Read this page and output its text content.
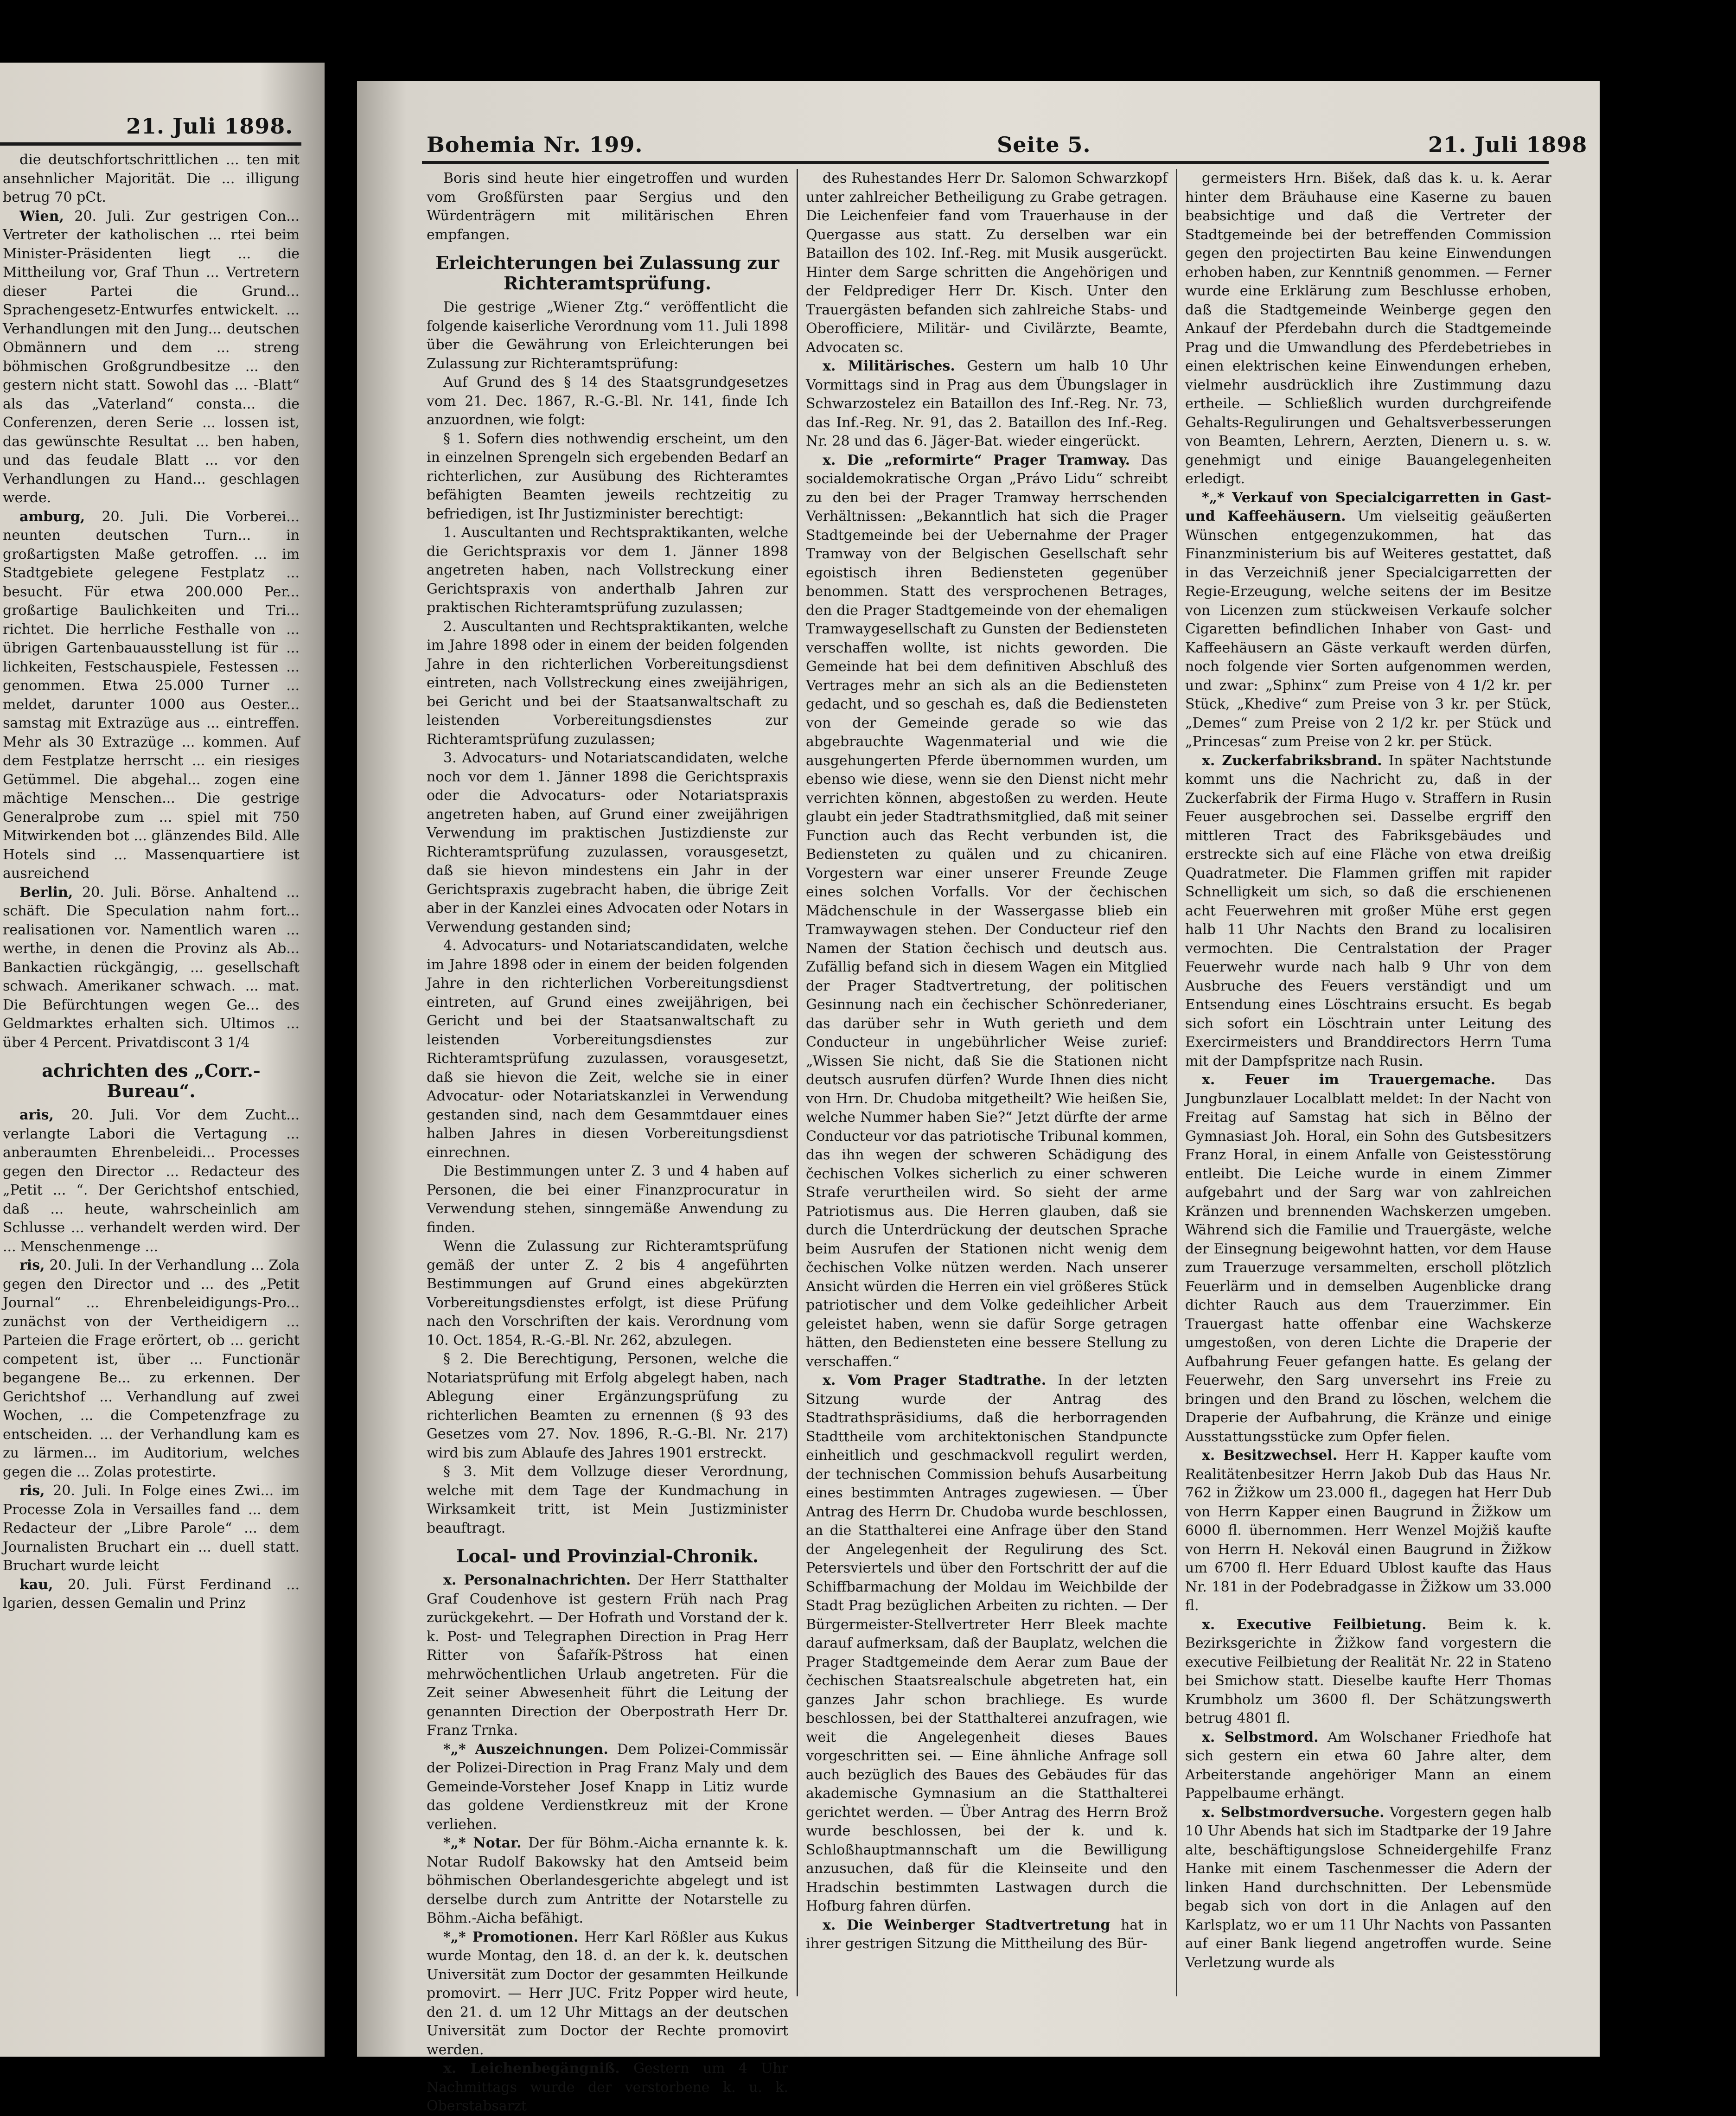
21. Juli 1898.

die deutschfortschrittlichen ... ten mit ansehnlicher Majorität. Die ... illigung betrug 70 pCt.

Wien, 20. Juli. Zur gestrigen Con... Vertreter der katholischen ... rtei beim Minister-Präsidenten liegt ... die Mittheilung vor, Graf Thun ... Vertretern dieser Partei die Grund... Sprachengesetz-Entwurfes entwickelt. ... Verhandlungen mit den Jung... deutschen Obmännern und dem ... streng böhmischen Großgrundbesitze ... den gestern nicht statt. Sowohl das ... -Blatt“ als das „Vaterland“ consta... die Conferenzen, deren Serie ... lossen ist, das gewünschte Resultat ... ben haben, und das feudale Blatt ... vor den Verhandlungen zu Hand... geschlagen werde.

amburg, 20. Juli. Die Vorberei... neunten deutschen Turn... in großartigsten Maße getroffen. ... im Stadtgebiete gelegene Festplatz ... besucht. Für etwa 200.000 Per... großartige Baulichkeiten und Tri... richtet. Die herrliche Festhalle von ... übrigen Gartenbauausstellung ist für ... lichkeiten, Festschauspiele, Festessen ... genommen. Etwa 25.000 Turner ... meldet, darunter 1000 aus Oester... samstag mit Extrazüge aus ... eintreffen. Mehr als 30 Extrazüge ... kommen. Auf dem Festplatze herrscht ... ein riesiges Getümmel. Die abgehal... zogen eine mächtige Menschen... Die gestrige Generalprobe zum ... spiel mit 750 Mitwirkenden bot ... glänzendes Bild. Alle Hotels sind ... Massenquartiere ist ausreichend

Berlin, 20. Juli. Börse. Anhaltend ... schäft. Die Speculation nahm fort... realisationen vor. Namentlich waren ... werthe, in denen die Provinz als Ab... Bankactien rückgängig, ... gesellschaft schwach. Amerikaner schwach. ... mat. Die Befürchtungen wegen Ge... des Geldmarktes erhalten sich. Ultimos ... über 4 Percent. Privatdiscont 3 1/4

achrichten des „Corr.-Bureau“.

aris, 20. Juli. Vor dem Zucht... verlangte Labori die Vertagung ... anberaumten Ehrenbeleidi... Processes gegen den Director ... Redacteur des „Petit ... “. Der Gerichtshof entschied, daß ... heute, wahrscheinlich am Schlusse ... verhandelt werden wird. Der ... Menschenmenge ...

ris, 20. Juli. In der Verhandlung ... Zola gegen den Director und ... des „Petit Journal“ ... Ehrenbeleidigungs-Pro... zunächst von der Vertheidigern ... Parteien die Frage erörtert, ob ... gericht competent ist, über ... Functionär begangene Be... zu erkennen. Der Gerichtshof ... Verhandlung auf zwei Wochen, ... die Competenzfrage zu entscheiden. ... der Verhandlung kam es zu lärmen... im Auditorium, welches gegen die ... Zolas protestirte.

ris, 20. Juli. In Folge eines Zwi... im Processe Zola in Versailles fand ... dem Redacteur der „Libre Parole“ ... dem Journalisten Bruchart ein ... duell statt. Bruchart wurde leicht

kau, 20. Juli. Fürst Ferdinand ... lgarien, dessen Gemalin und Prinz

Bohemia Nr. 199.	Seite 5.	21. Juli 1898

Boris sind heute hier eingetroffen und wurden vom Großfürsten paar Sergius und den Würdenträgern mit militärischen Ehren empfangen.

Erleichterungen bei Zulassung zur Richteramtsprüfung.

Die gestrige „Wiener Ztg.“ veröffentlicht die folgende kaiserliche Verordnung vom 11. Juli 1898 über die Gewährung von Erleichterungen bei Zulassung zur Richteramtsprüfung:

Auf Grund des § 14 des Staatsgrundgesetzes vom 21. Dec. 1867, R.-G.-Bl. Nr. 141, finde Ich anzuordnen, wie folgt:

§ 1. Sofern dies nothwendig erscheint, um den in einzelnen Sprengeln sich ergebenden Bedarf an richterlichen, zur Ausübung des Richteramtes befähigten Beamten jeweils rechtzeitig zu befriedigen, ist Ihr Justizminister berechtigt:

1. Auscultanten und Rechtspraktikanten, welche die Gerichtspraxis vor dem 1. Jänner 1898 angetreten haben, nach Vollstreckung einer Gerichtspraxis von anderthalb Jahren zur praktischen Richteramtsprüfung zuzulassen;

2. Auscultanten und Rechtspraktikanten, welche im Jahre 1898 oder in einem der beiden folgenden Jahre in den richterlichen Vorbereitungsdienst eintreten, nach Vollstreckung eines zweijährigen, bei Gericht und bei der Staatsanwaltschaft zu leistenden Vorbereitungsdienstes zur Richteramtsprüfung zuzulassen;

3. Advocaturs- und Notariatscandidaten, welche noch vor dem 1. Jänner 1898 die Gerichtspraxis oder die Advocaturs- oder Notariatspraxis angetreten haben, auf Grund einer zweijährigen Verwendung im praktischen Justizdienste zur Richteramtsprüfung zuzulassen, vorausgesetzt, daß sie hievon mindestens ein Jahr in der Gerichtspraxis zugebracht haben, die übrige Zeit aber in der Kanzlei eines Advocaten oder Notars in Verwendung gestanden sind;

4. Advocaturs- und Notariatscandidaten, welche im Jahre 1898 oder in einem der beiden folgenden Jahre in den richterlichen Vorbereitungsdienst eintreten, auf Grund eines zweijährigen, bei Gericht und bei der Staatsanwaltschaft zu leistenden Vorbereitungsdienstes zur Richteramtsprüfung zuzulassen, vorausgesetzt, daß sie hievon die Zeit, welche sie in einer Advocatur- oder Notariatskanzlei in Verwendung gestanden sind, nach dem Gesammtdauer eines halben Jahres in diesen Vorbereitungsdienst einrechnen.

Die Bestimmungen unter Z. 3 und 4 haben auf Personen, die bei einer Finanzprocuratur in Verwendung stehen, sinngemäße Anwendung zu finden.

Wenn die Zulassung zur Richteramtsprüfung gemäß der unter Z. 2 bis 4 angeführten Bestimmungen auf Grund eines abgekürzten Vorbereitungsdienstes erfolgt, ist diese Prüfung nach den Vorschriften der kais. Verordnung vom 10. Oct. 1854, R.-G.-Bl. Nr. 262, abzulegen.

§ 2. Die Berechtigung, Personen, welche die Notariatsprüfung mit Erfolg abgelegt haben, nach Ablegung einer Ergänzungsprüfung zu richterlichen Beamten zu ernennen (§ 93 des Gesetzes vom 27. Nov. 1896, R.-G.-Bl. Nr. 217) wird bis zum Ablaufe des Jahres 1901 erstreckt.

§ 3. Mit dem Vollzuge dieser Verordnung, welche mit dem Tage der Kundmachung in Wirksamkeit tritt, ist Mein Justizminister beauftragt.

Local- und Provinzial-Chronik.

x. Personalnachrichten. Der Herr Statthalter Graf Coudenhove ist gestern Früh nach Prag zurückgekehrt. — Der Hofrath und Vorstand der k. k. Post- und Telegraphen Direction in Prag Herr Ritter von Šafařík-Pštross hat einen mehrwöchentlichen Urlaub angetreten. Für die Zeit seiner Abwesenheit führt die Leitung der genannten Direction der Oberpostrath Herr Dr. Franz Trnka.

*„* Auszeichnungen. Dem Polizei-Commissär der Polizei-Direction in Prag Franz Maly und dem Gemeinde-Vorsteher Josef Knapp in Litiz wurde das goldene Verdienstkreuz mit der Krone verliehen.

*„* Notar. Der für Böhm.-Aicha ernannte k. k. Notar Rudolf Bakowsky hat den Amtseid beim böhmischen Oberlandesgerichte abgelegt und ist derselbe durch zum Antritte der Notarstelle zu Böhm.-Aicha befähigt.

*„* Promotionen. Herr Karl Rößler aus Kukus wurde Montag, den 18. d. an der k. k. deutschen Universität zum Doctor der gesammten Heilkunde promovirt. — Herr JUC. Fritz Popper wird heute, den 21. d. um 12 Uhr Mittags an der deutschen Universität zum Doctor der Rechte promovirt werden.

x. Leichenbegängniß. Gestern um 4 Uhr Nachmittags wurde der verstorbene k. u. k. Oberstabsarzt

des Ruhestandes Herr Dr. Salomon Schwarzkopf unter zahlreicher Betheiligung zu Grabe getragen. Die Leichenfeier fand vom Trauerhause in der Quergasse aus statt. Zu derselben war ein Bataillon des 102. Inf.-Reg. mit Musik ausgerückt. Hinter dem Sarge schritten die Angehörigen und der Feldprediger Herr Dr. Kisch. Unter den Trauergästen befanden sich zahlreiche Stabs- und Oberofficiere, Militär- und Civilärzte, Beamte, Advocaten sc.

x. Militärisches. Gestern um halb 10 Uhr Vormittags sind in Prag aus dem Übungslager in Schwarzostelez ein Bataillon des Inf.-Reg. Nr. 73, das Inf.-Reg. Nr. 91, das 2. Bataillon des Inf.-Reg. Nr. 28 und das 6. Jäger-Bat. wieder eingerückt.

x. Die „reformirte“ Prager Tramway. Das socialdemokratische Organ „Právo Lidu“ schreibt zu den bei der Prager Tramway herrschenden Verhältnissen: „Bekanntlich hat sich die Prager Stadtgemeinde bei der Uebernahme der Prager Tramway von der Belgischen Gesellschaft sehr egoistisch ihren Bediensteten gegenüber benommen. Statt des versprochenen Betrages, den die Prager Stadtgemeinde von der ehemaligen Tramwaygesellschaft zu Gunsten der Bediensteten verschaffen wollte, ist nichts geworden. Die Gemeinde hat bei dem definitiven Abschluß des Vertrages mehr an sich als an die Bediensteten gedacht, und so geschah es, daß die Bediensteten von der Gemeinde gerade so wie das abgebrauchte Wagenmaterial und wie die ausgehungerten Pferde übernommen wurden, um ebenso wie diese, wenn sie den Dienst nicht mehr verrichten können, abgestoßen zu werden. Heute glaubt ein jeder Stadtrathsmitglied, daß mit seiner Function auch das Recht verbunden ist, die Bediensteten zu quälen und zu chicaniren. Vorgestern war einer unserer Freunde Zeuge eines solchen Vorfalls. Vor der čechischen Mädchenschule in der Wassergasse blieb ein Tramwaywagen stehen. Der Conducteur rief den Namen der Station čechisch und deutsch aus. Zufällig befand sich in diesem Wagen ein Mitglied der Prager Stadtvertretung, der politischen Gesinnung nach ein čechischer Schönrederianer, das darüber sehr in Wuth gerieth und dem Conducteur in ungebührlicher Weise zurief: „Wissen Sie nicht, daß Sie die Stationen nicht deutsch ausrufen dürfen? Wurde Ihnen dies nicht von Hrn. Dr. Chudoba mitgetheilt? Wie heißen Sie, welche Nummer haben Sie?“ Jetzt dürfte der arme Conducteur vor das patriotische Tribunal kommen, das ihn wegen der schweren Schädigung des čechischen Volkes sicherlich zu einer schweren Strafe verurtheilen wird. So sieht der arme Patriotismus aus. Die Herren glauben, daß sie durch die Unterdrückung der deutschen Sprache beim Ausrufen der Stationen nicht wenig dem čechischen Volke nützen werden. Nach unserer Ansicht würden die Herren ein viel größeres Stück patriotischer und dem Volke gedeihlicher Arbeit geleistet haben, wenn sie dafür Sorge getragen hätten, den Bediensteten eine bessere Stellung zu verschaffen.“

x. Vom Prager Stadtrathe. In der letzten Sitzung wurde der Antrag des Stadtrathspräsidiums, daß die herborragenden Stadttheile vom architektonischen Standpuncte einheitlich und geschmackvoll regulirt werden, der technischen Commission behufs Ausarbeitung eines bestimmten Antrages zugewiesen. — Über Antrag des Herrn Dr. Chudoba wurde beschlossen, an die Statthalterei eine Anfrage über den Stand der Angelegenheit der Regulirung des Sct. Petersviertels und über den Fortschritt der auf die Schiffbarmachung der Moldau im Weichbilde der Stadt Prag bezüglichen Arbeiten zu richten. — Der Bürgermeister-Stellvertreter Herr Bleek machte darauf aufmerksam, daß der Bauplatz, welchen die Prager Stadtgemeinde dem Aerar zum Baue der čechischen Staatsrealschule abgetreten hat, ein ganzes Jahr schon brachliege. Es wurde beschlossen, bei der Statthalterei anzufragen, wie weit die Angelegenheit dieses Baues vorgeschritten sei. — Eine ähnliche Anfrage soll auch bezüglich des Baues des Gebäudes für das akademische Gymnasium an die Statthalterei gerichtet werden. — Über Antrag des Herrn Brož wurde beschlossen, bei der k. und k. Schloßhauptmannschaft um die Bewilligung anzusuchen, daß für die Kleinseite und den Hradschin bestimmten Lastwagen durch die Hofburg fahren dürfen.

x. Die Weinberger Stadtvertretung hat in ihrer gestrigen Sitzung die Mittheilung des Bür-

germeisters Hrn. Bišek, daß das k. u. k. Aerar hinter dem Bräuhause eine Kaserne zu bauen beabsichtige und daß die Vertreter der Stadtgemeinde bei der betreffenden Commission gegen den projectirten Bau keine Einwendungen erhoben haben, zur Kenntniß genommen. — Ferner wurde eine Erklärung zum Beschlusse erhoben, daß die Stadtgemeinde Weinberge gegen den Ankauf der Pferdebahn durch die Stadtgemeinde Prag und die Umwandlung des Pferdebetriebes in einen elektrischen keine Einwendungen erheben, vielmehr ausdrücklich ihre Zustimmung dazu ertheile. — Schließlich wurden durchgreifende Gehalts-Regulirungen und Gehaltsverbesserungen von Beamten, Lehrern, Aerzten, Dienern u. s. w. genehmigt und einige Bauangelegenheiten erledigt.

*„* Verkauf von Specialcigarretten in Gast- und Kaffeehäusern. Um vielseitig geäußerten Wünschen entgegenzukommen, hat das Finanzministerium bis auf Weiteres gestattet, daß in das Verzeichniß jener Specialcigarretten der Regie-Erzeugung, welche seitens der im Besitze von Licenzen zum stückweisen Verkaufe solcher Cigaretten befindlichen Inhaber von Gast- und Kaffeehäusern an Gäste verkauft werden dürfen, noch folgende vier Sorten aufgenommen werden, und zwar: „Sphinx“ zum Preise von 4 1/2 kr. per Stück, „Khedive“ zum Preise von 3 kr. per Stück, „Demes“ zum Preise von 2 1/2 kr. per Stück und „Princesas“ zum Preise von 2 kr. per Stück.

x. Zuckerfabriksbrand. In später Nachtstunde kommt uns die Nachricht zu, daß in der Zuckerfabrik der Firma Hugo v. Straffern in Rusin Feuer ausgebrochen sei. Dasselbe ergriff den mittleren Tract des Fabriksgebäudes und erstreckte sich auf eine Fläche von etwa dreißig Quadratmeter. Die Flammen griffen mit rapider Schnelligkeit um sich, so daß die erschienenen acht Feuerwehren mit großer Mühe erst gegen halb 11 Uhr Nachts den Brand zu localisiren vermochten. Die Centralstation der Prager Feuerwehr wurde nach halb 9 Uhr von dem Ausbruche des Feuers verständigt und um Entsendung eines Löschtrains ersucht. Es begab sich sofort ein Löschtrain unter Leitung des Exercirmeisters und Branddirectors Herrn Tuma mit der Dampfspritze nach Rusin.

x. Feuer im Trauergemache. Das Jungbunzlauer Localblatt meldet: In der Nacht von Freitag auf Samstag hat sich in Bělno der Gymnasiast Joh. Horal, ein Sohn des Gutsbesitzers Franz Horal, in einem Anfalle von Geistesstörung entleibt. Die Leiche wurde in einem Zimmer aufgebahrt und der Sarg war von zahlreichen Kränzen und brennenden Wachskerzen umgeben. Während sich die Familie und Trauergäste, welche der Einsegnung beigewohnt hatten, vor dem Hause zum Trauerzuge versammelten, erscholl plötzlich Feuerlärm und in demselben Augenblicke drang dichter Rauch aus dem Trauerzimmer. Ein Trauergast hatte offenbar eine Wachskerze umgestoßen, von deren Lichte die Draperie der Aufbahrung Feuer gefangen hatte. Es gelang der Feuerwehr, den Sarg unversehrt ins Freie zu bringen und den Brand zu löschen, welchem die Draperie der Aufbahrung, die Kränze und einige Ausstattungsstücke zum Opfer fielen.

x. Besitzwechsel. Herr H. Kapper kaufte vom Realitätenbesitzer Herrn Jakob Dub das Haus Nr. 762 in Žižkow um 23.000 fl., dagegen hat Herr Dub von Herrn Kapper einen Baugrund in Žižkow um 6000 fl. übernommen. Herr Wenzel Mojžiš kaufte von Herrn H. Nekovál einen Baugrund in Žižkow um 6700 fl. Herr Eduard Ublost kaufte das Haus Nr. 181 in der Podebradgasse in Žižkow um 33.000 fl.

x. Executive Feilbietung. Beim k. k. Bezirksgerichte in Žižkow fand vorgestern die executive Feilbietung der Realität Nr. 22 in Stateno bei Smichow statt. Dieselbe kaufte Herr Thomas Krumbholz um 3600 fl. Der Schätzungswerth betrug 4801 fl.

x. Selbstmord. Am Wolschaner Friedhofe hat sich gestern ein etwa 60 Jahre alter, dem Arbeiterstande angehöriger Mann an einem Pappelbaume erhängt.

x. Selbstmordversuche. Vorgestern gegen halb 10 Uhr Abends hat sich im Stadtparke der 19 Jahre alte, beschäftigungslose Schneidergehilfe Franz Hanke mit einem Taschenmesser die Adern der linken Hand durchschnitten. Der Lebensmüde begab sich von dort in die Anlagen auf den Karlsplatz, wo er um 11 Uhr Nachts von Passanten auf einer Bank liegend angetroffen wurde. Seine Verletzung wurde als
